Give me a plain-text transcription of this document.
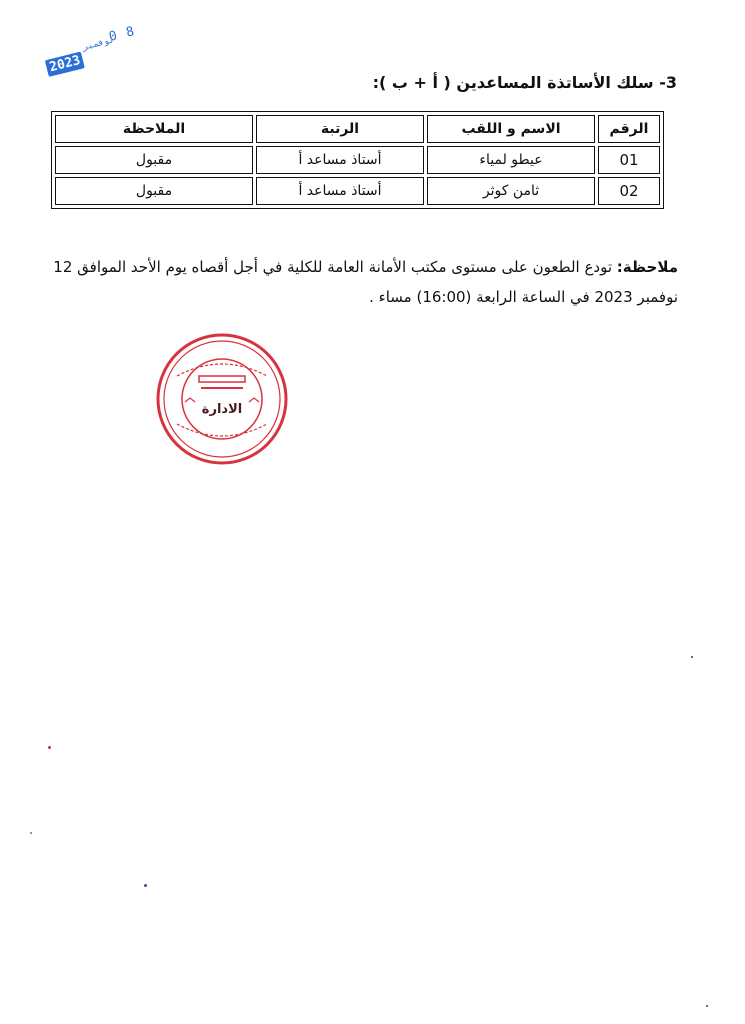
0 8
نوفمبر
2023
3- سلك الأساتذة المساعدين ( أ + ب ):
الرقم	الاسم و اللقب	الرتبة	الملاحظة
01	عيطو لمياء	أستاذ مساعد أ	مقبول
02	ثامن كوثر	أستاذ مساعد أ	مقبول
ملاحظة: تودع الطعون على مستوى مكتب الأمانة العامة للكلية في أجل أقصاه يوم الأحد الموافق 12
نوفمبر 2023 في الساعة الرابعة (16:00) مساء .
الادارة
